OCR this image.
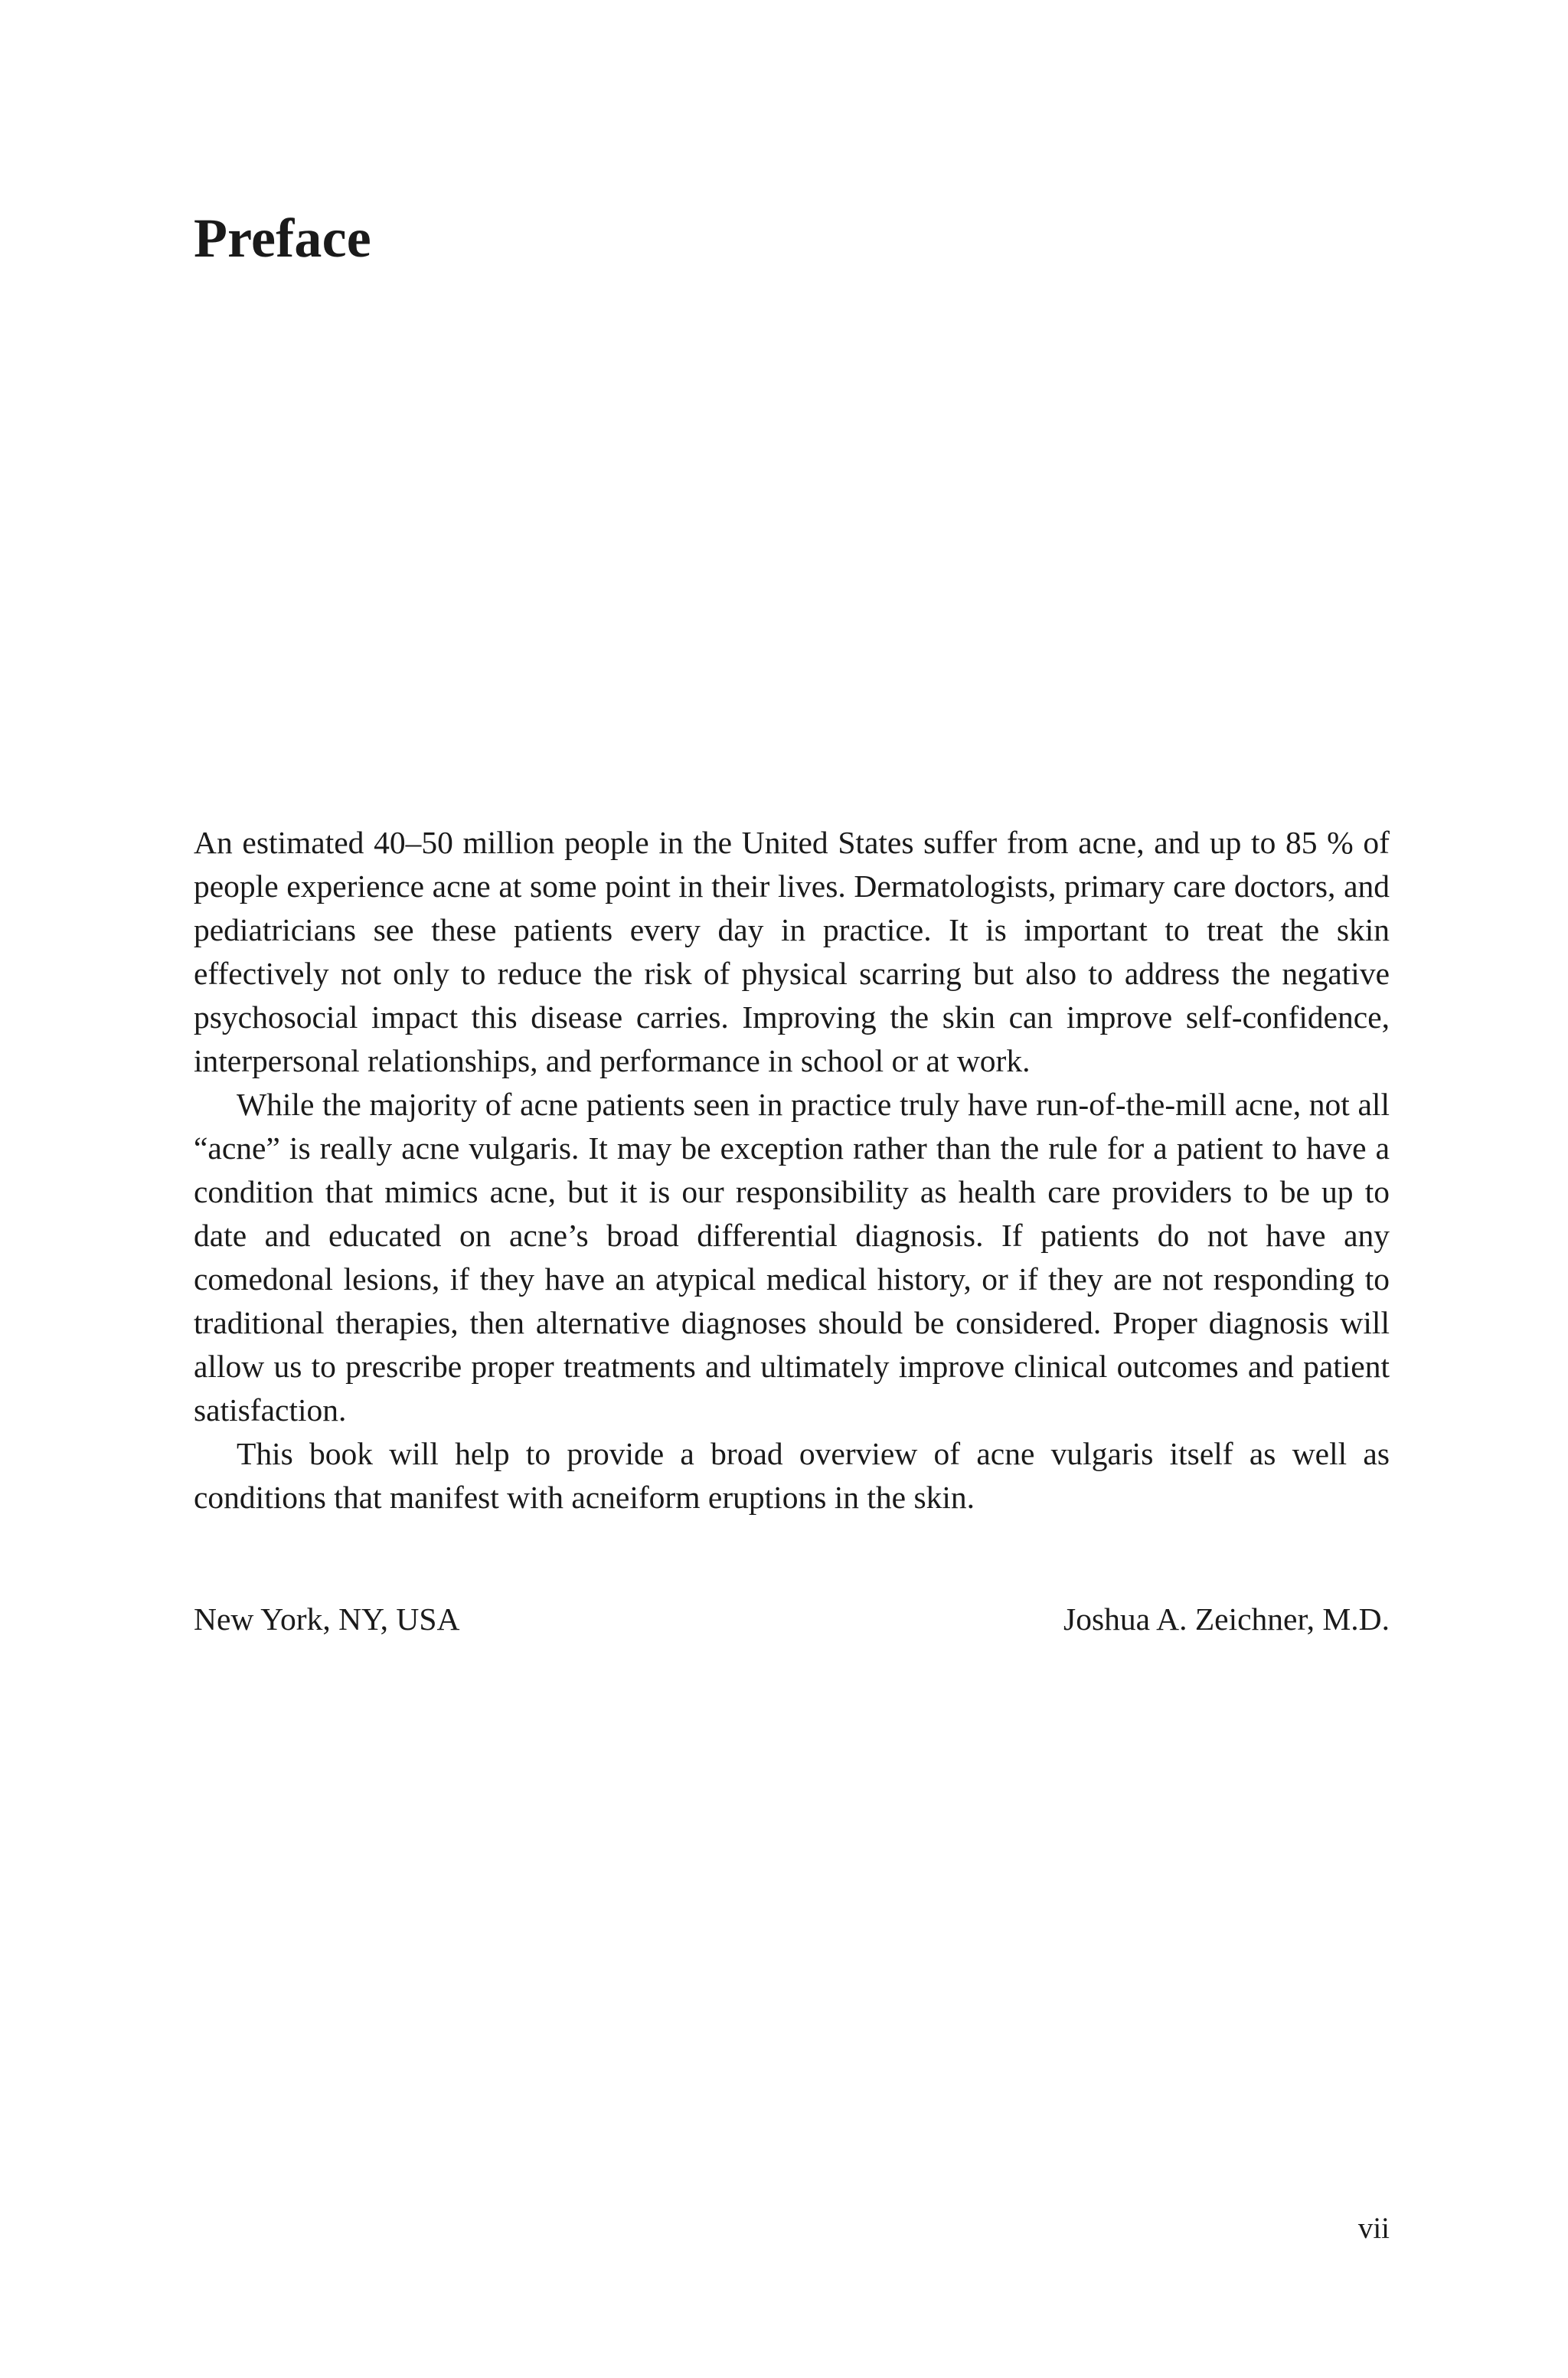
Preface

An estimated 40–50 million people in the United States suffer from acne, and up to 85 % of people experience acne at some point in their lives. Dermatologists, primary care doctors, and pediatricians see these patients every day in practice. It is important to treat the skin effectively not only to reduce the risk of physical scarring but also to address the negative psychosocial impact this disease carries. Improving the skin can improve self-confidence, interpersonal relationships, and performance in school or at work.

While the majority of acne patients seen in practice truly have run-of-the-mill acne, not all “acne” is really acne vulgaris. It may be exception rather than the rule for a patient to have a condition that mimics acne, but it is our responsibility as health care providers to be up to date and educated on acne’s broad differential diagnosis. If patients do not have any comedonal lesions, if they have an atypical medical history, or if they are not responding to traditional therapies, then alternative diagnoses should be considered. Proper diagnosis will allow us to prescribe proper treatments and ultimately improve clinical outcomes and patient satisfaction.

This book will help to provide a broad overview of acne vulgaris itself as well as conditions that manifest with acneiform eruptions in the skin.

New York, NY, USA	Joshua A. Zeichner, M.D.
vii
